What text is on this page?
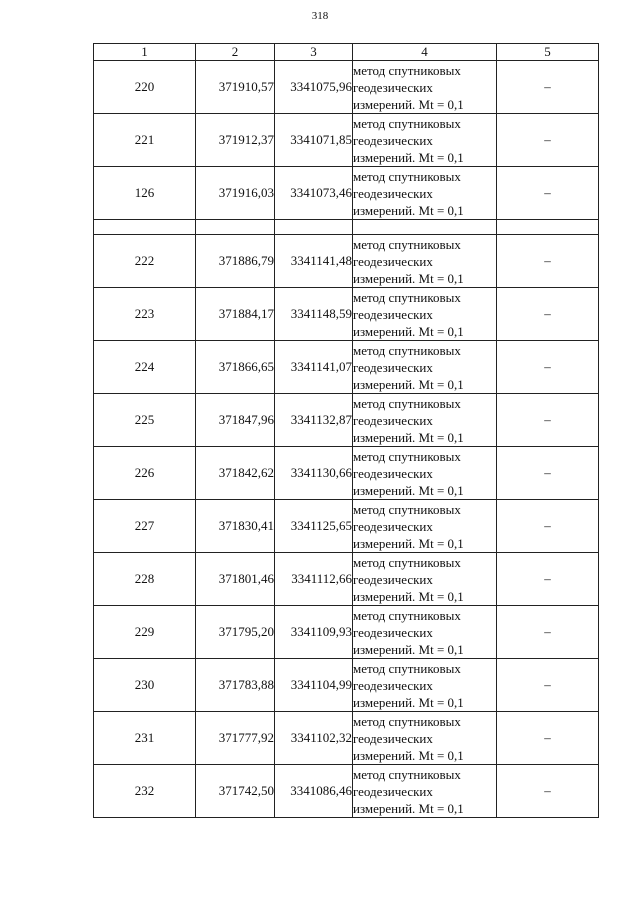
318
1	2	3	4	5
220	371910,57	3341075,96	метод спутниковых
геодезических
измерений. Mt = 0,1	–
221	371912,37	3341071,85	метод спутниковых
геодезических
измерений. Mt = 0,1	–
126	371916,03	3341073,46	метод спутниковых
геодезических
измерений. Mt = 0,1	–

222	371886,79	3341141,48	метод спутниковых
геодезических
измерений. Mt = 0,1	–
223	371884,17	3341148,59	метод спутниковых
геодезических
измерений. Mt = 0,1	–
224	371866,65	3341141,07	метод спутниковых
геодезических
измерений. Mt = 0,1	–
225	371847,96	3341132,87	метод спутниковых
геодезических
измерений. Mt = 0,1	–
226	371842,62	3341130,66	метод спутниковых
геодезических
измерений. Mt = 0,1	–
227	371830,41	3341125,65	метод спутниковых
геодезических
измерений. Mt = 0,1	–
228	371801,46	3341112,66	метод спутниковых
геодезических
измерений. Mt = 0,1	–
229	371795,20	3341109,93	метод спутниковых
геодезических
измерений. Mt = 0,1	–
230	371783,88	3341104,99	метод спутниковых
геодезических
измерений. Mt = 0,1	–
231	371777,92	3341102,32	метод спутниковых
геодезических
измерений. Mt = 0,1	–
232	371742,50	3341086,46	метод спутниковых
геодезических
измерений. Mt = 0,1	–
